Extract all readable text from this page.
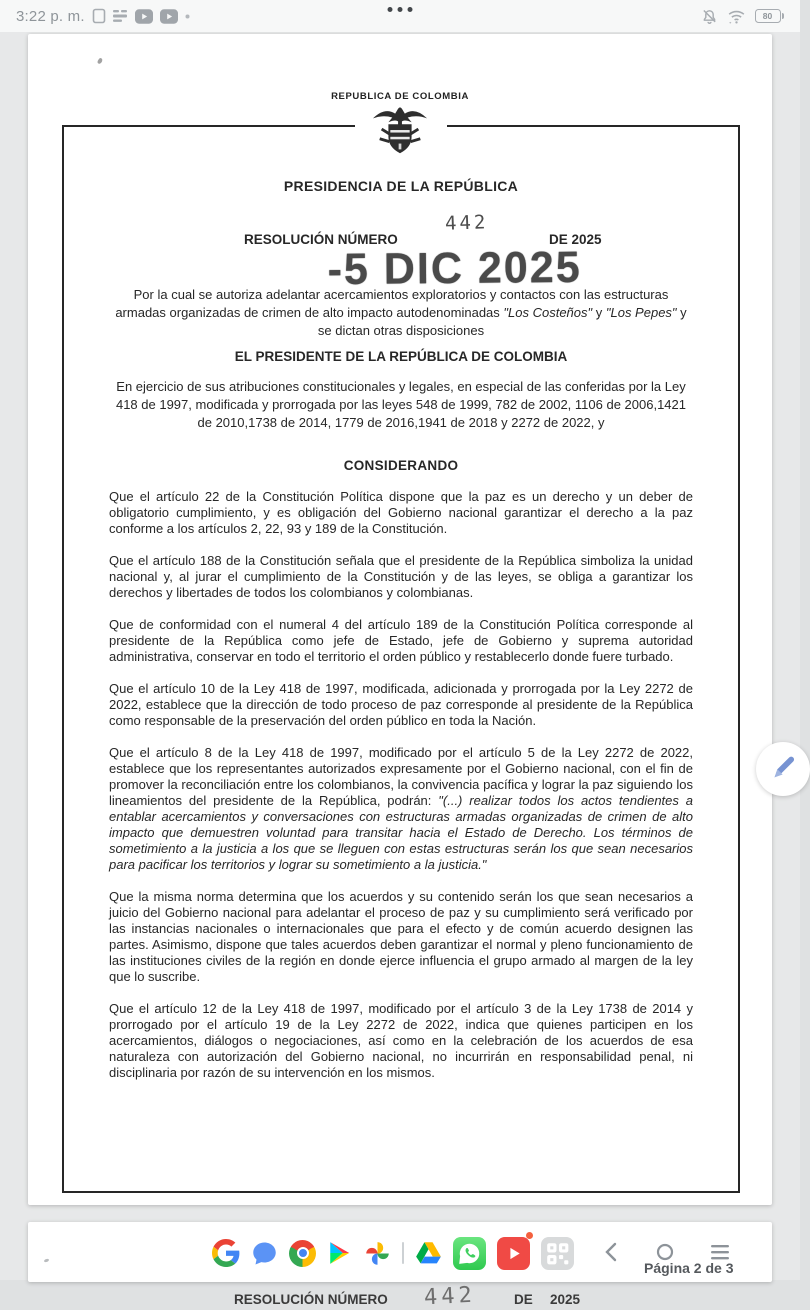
3:22 p. m.	80
REPUBLICA DE COLOMBIA

PRESIDENCIA DE LA REPÚBLICA

RESOLUCIÓN NÚMERO
442
DE 2025
-5 DIC 2025

Por la cual se autoriza adelantar acercamientos exploratorios y contactos con las estructuras armadas organizadas de crimen de alto impacto autodenominadas "Los Costeños" y "Los Pepes" y se dictan otras disposiciones

EL PRESIDENTE DE LA REPÚBLICA DE COLOMBIA

En ejercicio de sus atribuciones constitucionales y legales, en especial de las conferidas por la Ley 418 de 1997, modificada y prorrogada por las leyes 548 de 1999, 782 de 2002, 1106 de 2006,1421 de 2010,1738 de 2014, 1779 de 2016,1941 de 2018 y 2272 de 2022, y

CONSIDERANDO

Que el artículo 22 de la Constitución Política dispone que la paz es un derecho y un deber de obligatorio cumplimiento, y es obligación del Gobierno nacional garantizar el derecho a la paz conforme a los artículos 2, 22, 93 y 189 de la Constitución.

Que el artículo 188 de la Constitución señala que el presidente de la República simboliza la unidad nacional y, al jurar el cumplimiento de la Constitución y de las leyes, se obliga a garantizar los derechos y libertades de todos los colombianos y colombianas.

Que de conformidad con el numeral 4 del artículo 189 de la Constitución Política corresponde al presidente de la República como jefe de Estado, jefe de Gobierno y suprema autoridad administrativa, conservar en todo el territorio el orden público y restablecerlo donde fuere turbado.

Que el artículo 10 de la Ley 418 de 1997, modificada, adicionada y prorrogada por la Ley 2272 de 2022, establece que la dirección de todo proceso de paz corresponde al presidente de la República como responsable de la preservación del orden público en toda la Nación.

Que el artículo 8 de la Ley 418 de 1997, modificado por el artículo 5 de la Ley 2272 de 2022, establece que los representantes autorizados expresamente por el Gobierno nacional, con el fin de promover la reconciliación entre los colombianos, la convivencia pacífica y lograr la paz siguiendo los lineamientos del presidente de la República, podrán: "(...) realizar todos los actos tendientes a entablar acercamientos y conversaciones con estructuras armadas organizadas de crimen de alto impacto que demuestren voluntad para transitar hacia el Estado de Derecho. Los términos de sometimiento a la justicia a los que se lleguen con estas estructuras serán los que sean necesarios para pacificar los territorios y lograr su sometimiento a la justicia."

Que la misma norma determina que los acuerdos y su contenido serán los que sean necesarios a juicio del Gobierno nacional para adelantar el proceso de paz y su cumplimiento será verificado por las instancias nacionales o internacionales que para el efecto y de común acuerdo designen las partes. Asimismo, dispone que tales acuerdos deben garantizar el normal y pleno funcionamiento de las instituciones civiles de la región en donde ejerce influencia el grupo armado al margen de la ley que lo suscribe.

Que el artículo 12 de la Ley 418 de 1997, modificado por el artículo 3 de la Ley 1738 de 2014 y prorrogado por el artículo 19 de la Ley 2272 de 2022, indica que quienes participen en los acercamientos, diálogos o negociaciones, así como en la celebración de los acuerdos de esa naturaleza con autorización del Gobierno nacional, no incurrirán en responsabilidad penal, ni disciplinaria por razón de su intervención en los mismos.

RESOLUCIÓN NÚMERO 442	DE 2025
Página 2 de 3
